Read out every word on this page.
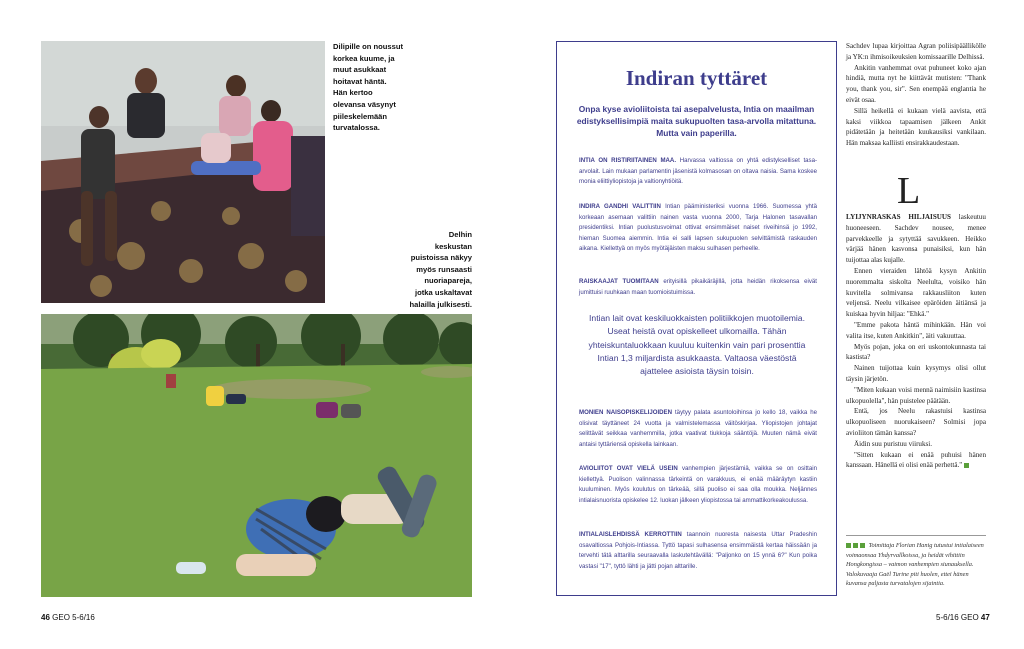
Dilipille on noussut
korkea kuume, ja
muut asukkaat
hoitavat häntä.
Hän kertoo
olevansa väsynyt
piileskelemään
turvatalossa.
Delhin
keskustan
puistoissa näkyy
myös runsaasti
nuoriapareja,
jotka uskaltavat
halailla julkisesti.
46 GEO 5-6/16
Indiran tyttäret
Onpa kyse avioliitoista tai asepalvelusta, Intia on maailman edistyksellisimpiä maita sukupuolten tasa-arvolla mitattuna. Mutta vain paperilla.
INTIA ON RISTIRIITAINEN MAA. Harvassa valtiossa on yhtä edistykselliset tasa-arvolait. Lain mukaan parlamentin jäsenistä kolmasosan on oltava naisia. Sama koskee monia eliittiyliopistoja ja valtionyhtiöitä.
INDIRA GANDHI VALITTIIN Intian pääministeriksi vuonna 1966. Suomessa yhtä korkeaan asemaan valittiin nainen vasta vuonna 2000, Tarja Halonen tasavallan presidentiksi. Intian puolustusvoimat ottivat ensimmäiset naiset riveihinsä jo 1992, hieman Suomea aiemmin. Intia ei salli lapsen sukupuolen selvittämistä raskauden aikana. Kiellettyä on myös myötäjäisten maksu sulhasen perheelle.
RAISKAAJAT TUOMITAAN erityisillä pikaikäräjillä, jotta heidän rikoksensa eivät jumittuisi ruuhkaan maan tuomioistuimissa.
Intian lait ovat keskiluokkaisten politiikkojen muotoilemia. Useat heistä ovat opiskelleet ulkomailla. Tähän yhteiskuntaluokkaan kuuluu kuitenkin vain pari prosenttia Intian 1,3 miljardista asukkaasta. Valtaosa väestöstä ajattelee asioista täysin toisin.
MONIEN NAISOPISKELIJOIDEN täytyy palata asuntoloihinsa jo kello 18, vaikka he olisivat täyttäneet 24 vuotta ja valmistelemassa väitöskirjaa. Yliopistojen johtajat selittävät seikkaa vanhemmilla, jotka vaativat tiukkoja sääntöjä. Muuten nämä eivät antaisi tyttäriensä opiskella lainkaan.
AVIOLIITOT OVAT VIELÄ USEIN vanhempien järjestämiä, vaikka se on osittain kiellettyä. Puolison valinnassa tärkeintä on varakkuus, ei enää määräytyn kastiin kuuluminen. Myös koulutus on tärkeää, sillä puoliso ei saa olla moukka. Neljännes intialaisnuorista opiskelee 12. luokan jälkeen yliopistossa tai ammattikorkeakoulussa.
INTIALAISLEHDISSÄ KERROTTIIN taannoin nuoresta naisesta Uttar Pradeshin osavaltiossa Pohjois-Intiassa. Tyttö tapasi sulhasensa ensimmäistä kertaa häissään ja tervehti tätä alttarilla seuraavalla laskutehtävällä: "Paljonko on 15 ynnä 6?" Kun poika vastasi "17", tyttö lähti ja jätti pojan alttarille.

Sachdev lupaa kirjoittaa Agran poliisipäällikölle ja YK:n ihmisoikeuksien komissaarille Delhissä.

Ankitin vanhemmat ovat puhuneet koko ajan hindiä, mutta nyt he kiittävät mutisten: "Thank you, thank you, sir". Sen enempää englantia he eivät osaa.

Sillä heikellä ei kukaan vielä aavista, että kaksi viikkoa tapaamisen jälkeen Ankit pidätetään ja heitetään kuukausiksi vankilaan. Hän maksaa kalliisti ensirakkaudestaan.

L

LYIJYNRASKAS HILJAISUUS laskeutuu huoneeseen. Sachdev nousee, menee parvekkeelle ja sytyttää savukkeen. Heikko värjää hänen kasvonsa punaisiksi, kun hän tuijottaa alas kujalle.

Ennen vieraiden lähtöä kysyn Ankitin nuoremmalta siskolta Neelulta, voisiko hän kuvitella solmivansa rakkausliiton kuten veljensä. Neelu vilkaisee epäröiden äitiänsä ja kuiskaa hyvin hiljaa: "Ehkä."

"Emme pakota häntä mihinkään. Hän voi valita itse, kuten Ankitkin", äiti vakuuttaa.

Myös pojan, joka on eri uskontokunnasta tai kastista?

Nainen tuijottaa kuin kysymys olisi ollut täysin järjetön.

"Miten kukaan voisi mennä naimisiin kastinsa ulkopuolella", hän puistelee päätään.

Entä, jos Neelu rakastuisi kastinsa ulkopuoliseen nuorukaiseen? Solmisi jopa avioliiton tämän kanssa?

Äidin suu puristuu viiruksi.

"Sitten kukaan ei enää puhuisi hänen kanssaan. Hänellä ei olisi enää perhettä."

Toimittaja Florian Hanig tutustui intialaiseen voimaonsaa Yhdyrvallkoissa, ja heidät vihittiin Hongkongissa – vaimon vanhempien siunauksella. Valokuvaaja Gaël Turine piti huolen, ettei hänen kuvansa paljasta turvatalojen sijaintia.
5-6/16 GEO 47
